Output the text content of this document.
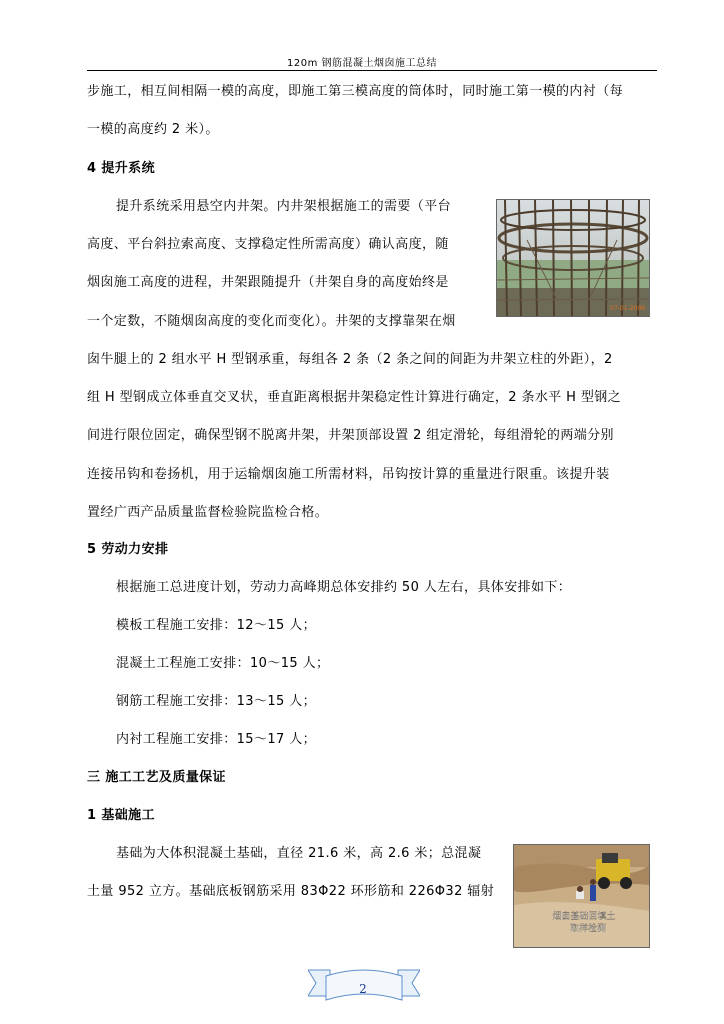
120m 钢筋混凝土烟囱施工总结
步施工，相互间相隔一模的高度，即施工第三模高度的筒体时，同时施工第一模的内衬（每
一模的高度约 2 米）。
4 提升系统
提升系统采用悬空内井架。内井架根据施工的需要（平台
高度、平台斜拉索高度、支撑稳定性所需高度）确认高度，随
烟囱施工高度的进程，井架跟随提升（井架自身的高度始终是
一个定数，不随烟囱高度的变化而变化）。井架的支撑靠架在烟
囱牛腿上的 2 组水平 H 型钢承重，每组各 2 条（2 条之间的间距为井架立柱的外距），2
组 H 型钢成立体垂直交叉状，垂直距离根据井架稳定性计算进行确定，2 条水平 H 型钢之
间进行限位固定，确保型钢不脱离井架，井架顶部设置 2 组定滑轮，每组滑轮的两端分别
连接吊钩和卷扬机，用于运输烟囱施工所需材料，吊钩按计算的重量进行限重。该提升装
置经广西产品质量监督检验院监检合格。
5 劳动力安排
根据施工总进度计划，劳动力高峰期总体安排约 50 人左右，具体安排如下：
模板工程施工安排：12～15 人；
混凝土工程施工安排：10～15 人；
钢筋工程施工安排：13～15 人；
内衬工程施工安排：15～17 人；
三 施工工艺及质量保证
1 基础施工
基础为大体积混凝土基础，直径 21.6 米，高 2.6 米；总混凝
土量 952 立方。基础底板钢筋采用 83Φ22 环形筋和 226Φ32 辐射
07-01-2009
烟囱基础回填土
取样检测
2
